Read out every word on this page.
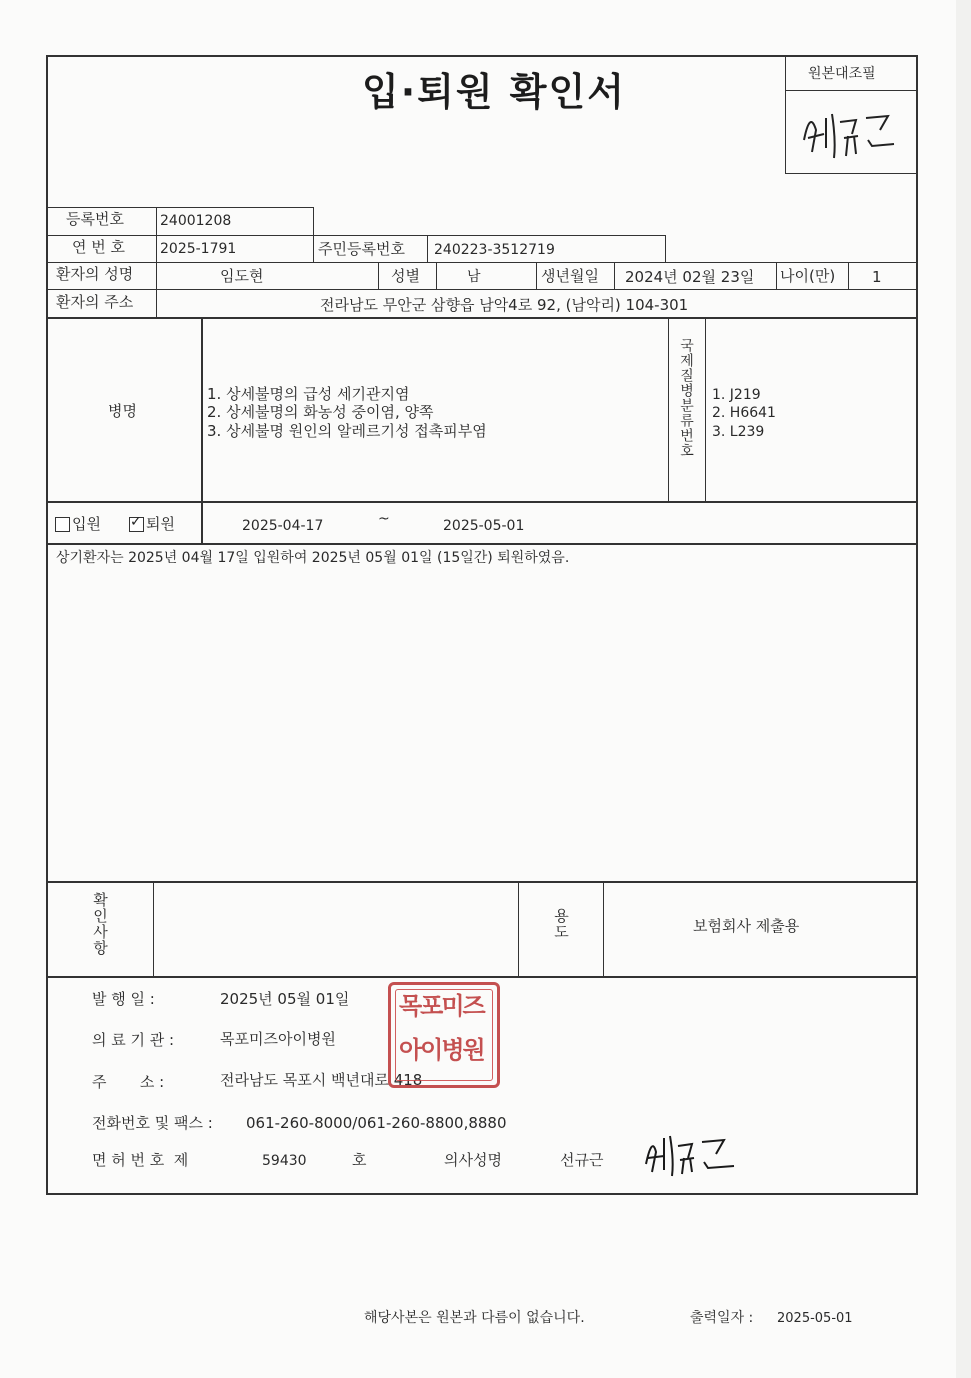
입·퇴원 확인서	원본대조필
등록번호	24001208
연 번 호 2025-1791	주민등록번호 240223-3512719
환자의 성명	임도현	성별	남	생년월일 2024년 02월 23일 나이(만) 1
환자의 주소	전라남도 무안군 삼향읍 남악4로 92, (남악리) 104-301
병명
1. 상세불명의 급성 세기관지염
2. 상세불명의 화농성 중이염, 양쪽
3. 상세불명 원인의 알레르기성 접촉피부염	국제질병분류번호 1. J219
2. H6641
3. L239
입원
✓	퇴원	2025-04-17	~	2025-05-01
상기환자는 2025년 04월 17일 입원하여 2025년 05월 01일 (15일간) 퇴원하였음.
확인사항	용도	보험회사 제출용
발 행 일 :	2025년 05월 01일
의 료 기 관 :	목포미즈아이병원
주       소 :	전라남도 목포시 백년대로 418
전화번호 및 팩스 : 061-260-8000/061-260-8800,8880
면 허 번 호  제	59430	호	의사성명	선규근
목포미즈
아이병원
해당사본은 원본과 다름이 없습니다.	출력일자 : 2025-05-01
